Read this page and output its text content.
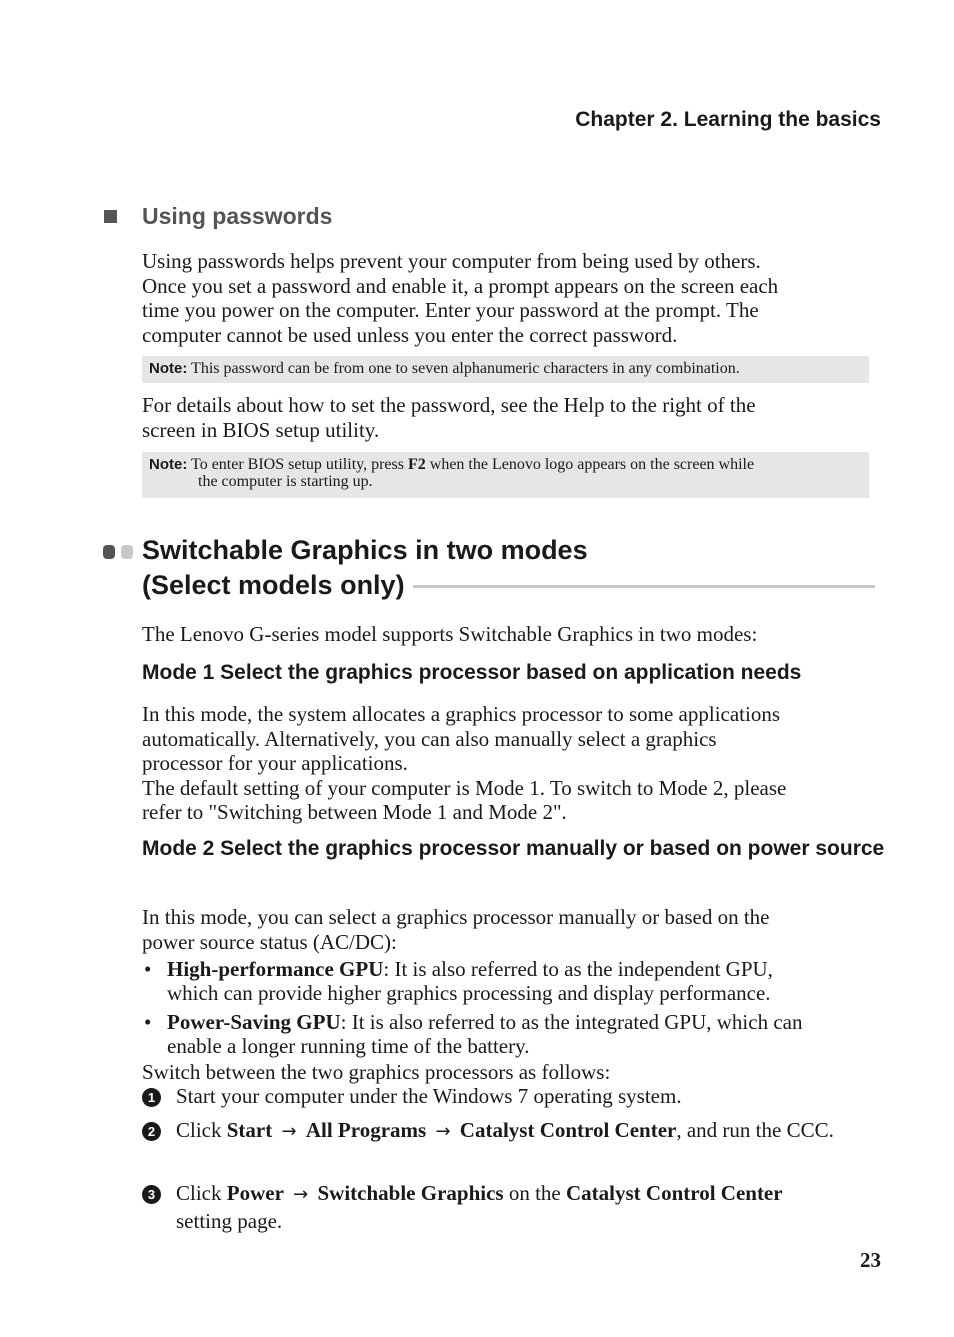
Chapter 2. Learning the basics
Using passwords
Using passwords helps prevent your computer from being used by others.
Once you set a password and enable it, a prompt appears on the screen each
time you power on the computer. Enter your password at the prompt. The
computer cannot be used unless you enter the correct password.
Note: This password can be from one to seven alphanumeric characters in any combination.
For details about how to set the password, see the Help to the right of the
screen in BIOS setup utility.
Note: To enter BIOS setup utility, press F2 when the Lenovo logo appears on the screen while
the computer is starting up.
Switchable Graphics in two modes
(Select models only)
The Lenovo G-series model supports Switchable Graphics in two modes:
Mode 1 Select the graphics processor based on application needs
In this mode, the system allocates a graphics processor to some applications
automatically. Alternatively, you can also manually select a graphics
processor for your applications.
The default setting of your computer is Mode 1. To switch to Mode 2, please
refer to "Switching between Mode 1 and Mode 2".
Mode 2 Select the graphics processor manually or based on power source
In this mode, you can select a graphics processor manually or based on the
power source status (AC/DC):
• High-performance GPU: It is also referred to as the independent GPU,
which can provide higher graphics processing and display performance.
• Power-Saving GPU: It is also referred to as the integrated GPU, which can
enable a longer running time of the battery.
Switch between the two graphics processors as follows:
1 Start your computer under the Windows 7 operating system.
2 Click Start → All Programs → Catalyst Control Center, and run the CCC.
3 Click Power → Switchable Graphics on the Catalyst Control Center
setting page.
23
